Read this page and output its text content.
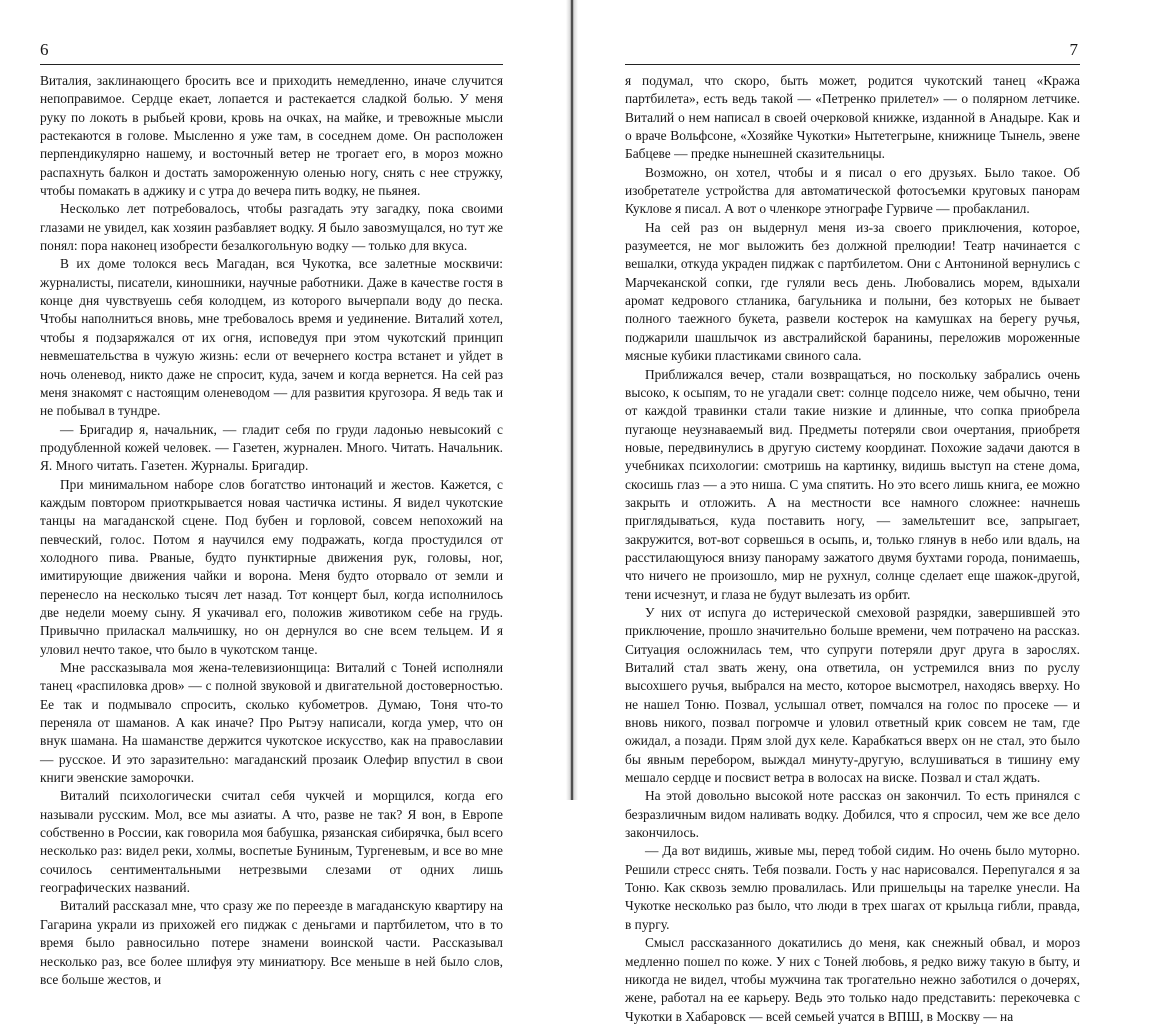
6

Виталия, заклинающего бросить все и приходить немедленно, иначе случится непоправимое. Сердце екает, лопается и растекается сладкой болью. У меня руку по локоть в рыбьей крови, кровь на очках, на майке, и тревожные мысли растекаются в голове. Мысленно я уже там, в соседнем доме. Он расположен перпендикулярно нашему, и восточный ветер не трогает его, в мороз можно распахнуть балкон и достать замороженную оленью ногу, снять с нее стружку, чтобы помакать в аджику и с утра до вечера пить водку, не пьянея.

Несколько лет потребовалось, чтобы разгадать эту загадку, пока своими глазами не увидел, как хозяин разбавляет водку. Я было завозмущался, но тут же понял: пора наконец изобрести безалкогольную водку — только для вкуса.

В их доме толокся весь Магадан, вся Чукотка, все залетные москвичи: журналисты, писатели, киношники, научные работники. Даже в качестве гостя в конце дня чувствуешь себя колодцем, из которого вычерпали воду до песка. Чтобы наполниться вновь, мне требовалось время и уединение. Виталий хотел, чтобы я подзаряжался от их огня, исповедуя при этом чукотский принцип невмешательства в чужую жизнь: если от вечернего костра встанет и уйдет в ночь оленевод, никто даже не спросит, куда, зачем и когда вернется. На сей раз меня знакомят с настоящим оленеводом — для развития кругозора. Я ведь так и не побывал в тундре.

— Бригадир я, начальник, — гладит себя по груди ладонью невысокий с продубленной кожей человек. — Газетен, журнален. Много. Читать. Начальник. Я. Много читать. Газетен. Журналы. Бригадир.

При минимальном наборе слов богатство интонаций и жестов. Кажется, с каждым повтором приоткрывается новая частичка истины. Я видел чукотские танцы на магаданской сцене. Под бубен и горловой, совсем непохожий на певческий, голос. Потом я научился ему подражать, когда простудился от холодного пива. Рваные, будто пунктирные движения рук, головы, ног, имитирующие движения чайки и ворона. Меня будто оторвало от земли и перенесло на несколько тысяч лет назад. Тот концерт был, когда исполнилось две недели моему сыну. Я укачивал его, положив животиком себе на грудь. Привычно приласкал мальчишку, но он дернулся во сне всем тельцем. И я уловил нечто такое, что было в чукотском танце.

Мне рассказывала моя жена-телевизионщица: Виталий с Тоней исполняли танец «распиловка дров» — с полной звуковой и двигательной достоверностью. Ее так и подмывало спросить, сколько кубометров. Думаю, Тоня что-то переняла от шаманов. А как иначе? Про Рытэу написали, когда умер, что он внук шамана. На шаманстве держится чукотское искусство, как на православии — русское. И это заразительно: магаданский прозаик Олефир впустил в свои книги эвенские заморочки.

Виталий психологически считал себя чукчей и морщился, когда его называли русским. Мол, все мы азиаты. А что, разве не так? Я вон, в Европе собственно в России, как говорила моя бабушка, рязанская сибирячка, был всего несколько раз: видел реки, холмы, воспетые Буниным, Тургеневым, и все во мне сочилось сентиментальными нетрезвыми слезами от одних лишь географических названий.

Виталий рассказал мне, что сразу же по переезде в магаданскую квартиру на Гагарина украли из прихожей его пиджак с деньгами и партбилетом, что в то время было равносильно потере знамени воинской части. Рассказывал несколько раз, все более шлифуя эту миниатюру. Все меньше в ней было слов, все больше жестов, и

7

я подумал, что скоро, быть может, родится чукотский танец «Кража партбилета», есть ведь такой — «Петренко прилетел» — о полярном летчике. Виталий о нем написал в своей очерковой книжке, изданной в Анадыре. Как и о враче Вольфсоне, «Хозяйке Чукотки» Нытетегрыне, книжнице Тынель, эвене Бабцеве — предке нынешней сказительницы.

Возможно, он хотел, чтобы и я писал о его друзьях. Было такое. Об изобретателе устройства для автоматической фотосъемки круговых панорам Куклове я писал. А вот о членкоре этнографе Гурвиче — пробакланил.

На сей раз он выдернул меня из-за своего приключения, которое, разумеется, не мог выложить без должной прелюдии! Театр начинается с вешалки, откуда украден пиджак с партбилетом. Они с Антониной вернулись с Марчеканской сопки, где гуляли весь день. Любовались морем, вдыхали аромат кедрового стланика, багульника и полыни, без которых не бывает полного таежного букета, развели костерок на камушках на берегу ручья, поджарили шашлычок из австралийской баранины, переложив мороженные мясные кубики пластиками свиного сала.

Приближался вечер, стали возвращаться, но поскольку забрались очень высоко, к осыпям, то не угадали свет: солнце подсело ниже, чем обычно, тени от каждой травинки стали такие низкие и длинные, что сопка приобрела пугающе неузнаваемый вид. Предметы потеряли свои очертания, приобретя новые, передвинулись в другую систему координат. Похожие задачи даются в учебниках психологии: смотришь на картинку, видишь выступ на стене дома, скосишь глаз — а это ниша. С ума спятить. Но это всего лишь книга, ее можно закрыть и отложить. А на местности все намного сложнее: начнешь приглядываться, куда поставить ногу, — замельтешит все, запрыгает, закружится, вот-вот сорвешься в осыпь, и, только глянув в небо или вдаль, на расстилающуюся внизу панораму зажатого двумя бухтами города, понимаешь, что ничего не произошло, мир не рухнул, солнце сделает еще шажок-другой, тени исчезнут, и глаза не будут вылезать из орбит.

У них от испуга до истерической смеховой разрядки, завершившей это приключение, прошло значительно больше времени, чем потрачено на рассказ. Ситуация осложнилась тем, что супруги потеряли друг друга в зарослях. Виталий стал звать жену, она ответила, он устремился вниз по руслу высохшего ручья, выбрался на место, которое высмотрел, находясь вверху. Но не нашел Тоню. Позвал, услышал ответ, помчался на голос по просеке — и вновь никого, позвал погромче и уловил ответный крик совсем не там, где ожидал, а позади. Прям злой дух келе. Карабкаться вверх он не стал, это было бы явным перебором, выждал минуту-другую, вслушиваться в тишину ему мешало сердце и посвист ветра в волосах на виске. Позвал и стал ждать.

На этой довольно высокой ноте рассказ он закончил. То есть принялся с безразличным видом наливать водку. Добился, что я спросил, чем же все дело закончилось.

— Да вот видишь, живые мы, перед тобой сидим. Но очень было муторно. Решили стресс снять. Тебя позвали. Гость у нас нарисовался. Перепугался я за Тоню. Как сквозь землю провалилась. Или пришельцы на тарелке унесли. На Чукотке несколько раз было, что люди в трех шагах от крыльца гибли, правда, в пургу.

Смысл рассказанного докатились до меня, как снежный обвал, и мороз медленно пошел по коже. У них с Тоней любовь, я редко вижу такую в быту, и никогда не видел, чтобы мужчина так трогательно нежно заботился о дочерях, жене, работал на ее карьеру. Ведь это только надо представить: перекочевка с Чукотки в Хабаровск — всей семьей учатся в ВПШ, в Москву — на
